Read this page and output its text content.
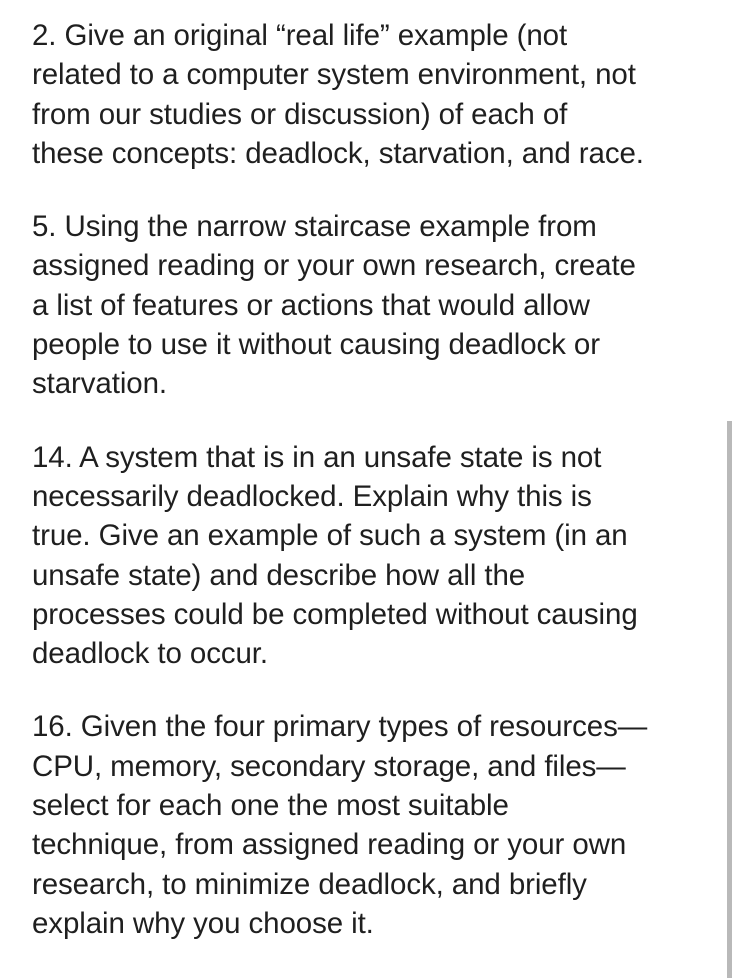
2. Give an original “real life” example (not
related to a computer system environment, not
from our studies or discussion) of each of
these concepts: deadlock, starvation, and race.
5. Using the narrow staircase example from
assigned reading or your own research, create
a list of features or actions that would allow
people to use it without causing deadlock or
starvation.
14. A system that is in an unsafe state is not
necessarily deadlocked. Explain why this is
true. Give an example of such a system (in an
unsafe state) and describe how all the
processes could be completed without causing
deadlock to occur.
16. Given the four primary types of resources—
CPU, memory, secondary storage, and files—
select for each one the most suitable
technique, from assigned reading or your own
research, to minimize deadlock, and briefly
explain why you choose it.
